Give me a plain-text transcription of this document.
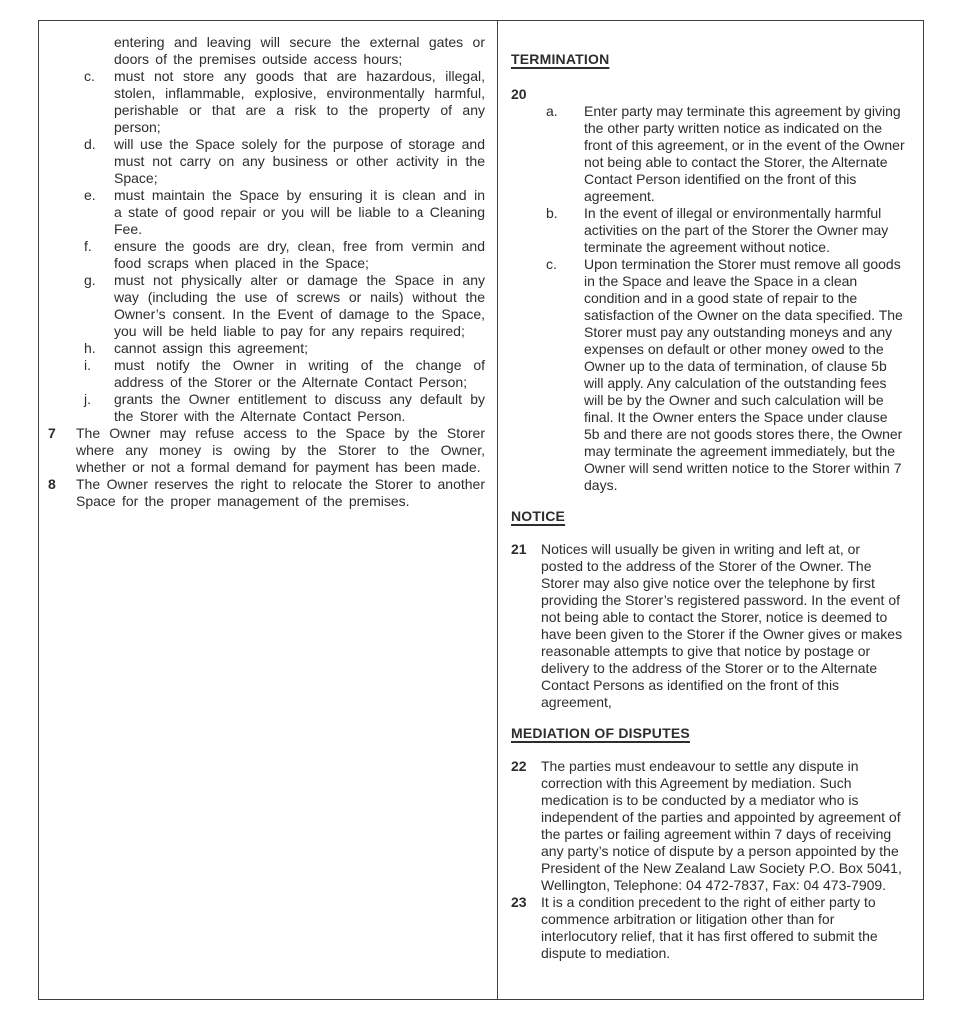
entering and leaving will secure the external gates or doors of the premises outside access hours;
c. must not store any goods that are hazardous, illegal, stolen, inflammable, explosive, environmentally harmful, perishable or that are a risk to the property of any person;
d. will use the Space solely for the purpose of storage and must not carry on any business or other activity in the Space;
e. must maintain the Space by ensuring it is clean and in a state of good repair or you will be liable to a Cleaning Fee.
f. ensure the goods are dry, clean, free from vermin and food scraps when placed in the Space;
g. must not physically alter or damage the Space in any way (including the use of screws or nails) without the Owner’s consent. In the Event of damage to the Space, you will be held liable to pay for any repairs required;
h. cannot assign this agreement;
i. must notify the Owner in writing of the change of address of the Storer or the Alternate Contact Person;
j. grants the Owner entitlement to discuss any default by the Storer with the Alternate Contact Person.
7 The Owner may refuse access to the Space by the Storer where any money is owing by the Storer to the Owner, whether or not a formal demand for payment has been made.
8 The Owner reserves the right to relocate the Storer to another Space for the proper management of the premises.
TERMINATION
20
a. Enter party may terminate this agreement by giving the other party written notice as indicated on the front of this agreement, or in the event of the Owner not being able to contact the Storer, the Alternate Contact Person identified on the front of this agreement.
b. In the event of illegal or environmentally harmful activities on the part of the Storer the Owner may terminate the agreement without notice.
c. Upon termination the Storer must remove all goods in the Space and leave the Space in a clean condition and in a good state of repair to the satisfaction of the Owner on the data specified. The Storer must pay any outstanding moneys and any expenses on default or other money owed to the Owner up to the data of termination, of clause 5b will apply. Any calculation of the outstanding fees will be by the Owner and such calculation will be final. It the Owner enters the Space under clause 5b and there are not goods stores there, the Owner may terminate the agreement immediately, but the Owner will send written notice to the Storer within 7 days.
NOTICE
21 Notices will usually be given in writing and left at, or posted to the address of the Storer of the Owner. The Storer may also give notice over the telephone by first providing the Storer’s registered password. In the event of not being able to contact the Storer, notice is deemed to have been given to the Storer if the Owner gives or makes reasonable attempts to give that notice by postage or delivery to the address of the Storer or to the Alternate Contact Persons as identified on the front of this agreement,
MEDIATION OF DISPUTES
22 The parties must endeavour to settle any dispute in correction with this Agreement by mediation. Such medication is to be conducted by a mediator who is independent of the parties and appointed by agreement of the partes or failing agreement within 7 days of receiving any party’s notice of dispute by a person appointed by the President of the New Zealand Law Society P.O. Box 5041, Wellington, Telephone: 04 472-7837, Fax: 04 473-7909.
23 It is a condition precedent to the right of either party to commence arbitration or litigation other than for interlocutory relief, that it has first offered to submit the dispute to mediation.
